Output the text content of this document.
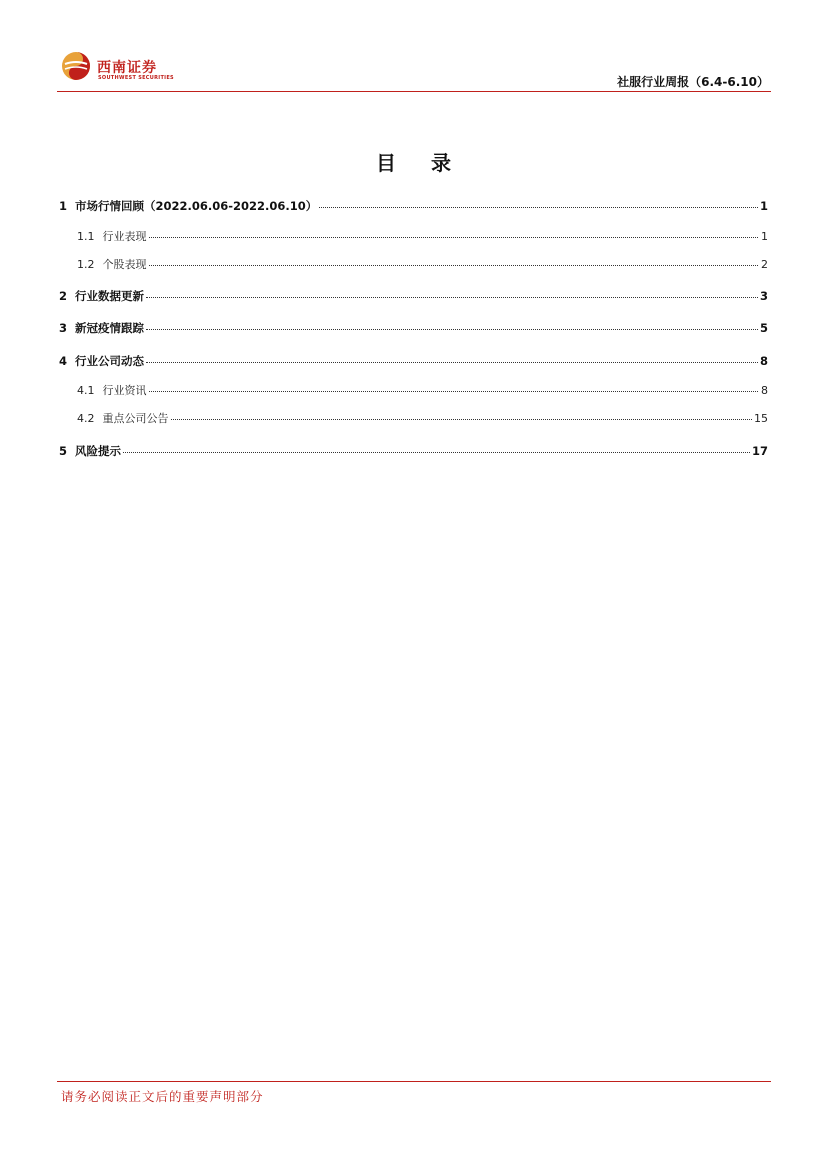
西南证券
SOUTHWEST SECURITIES	社服行业周报（6.4-6.10）
目 录
1 市场行情回顾（2022.06.06-2022.06.10）	1
1.1 行业表现	1
1.2 个股表现	2
2 行业数据更新	3
3 新冠疫情跟踪	5
4 行业公司动态	8
4.1 行业资讯	8
4.2 重点公司公告	15
5 风险提示	17
请务必阅读正文后的重要声明部分
